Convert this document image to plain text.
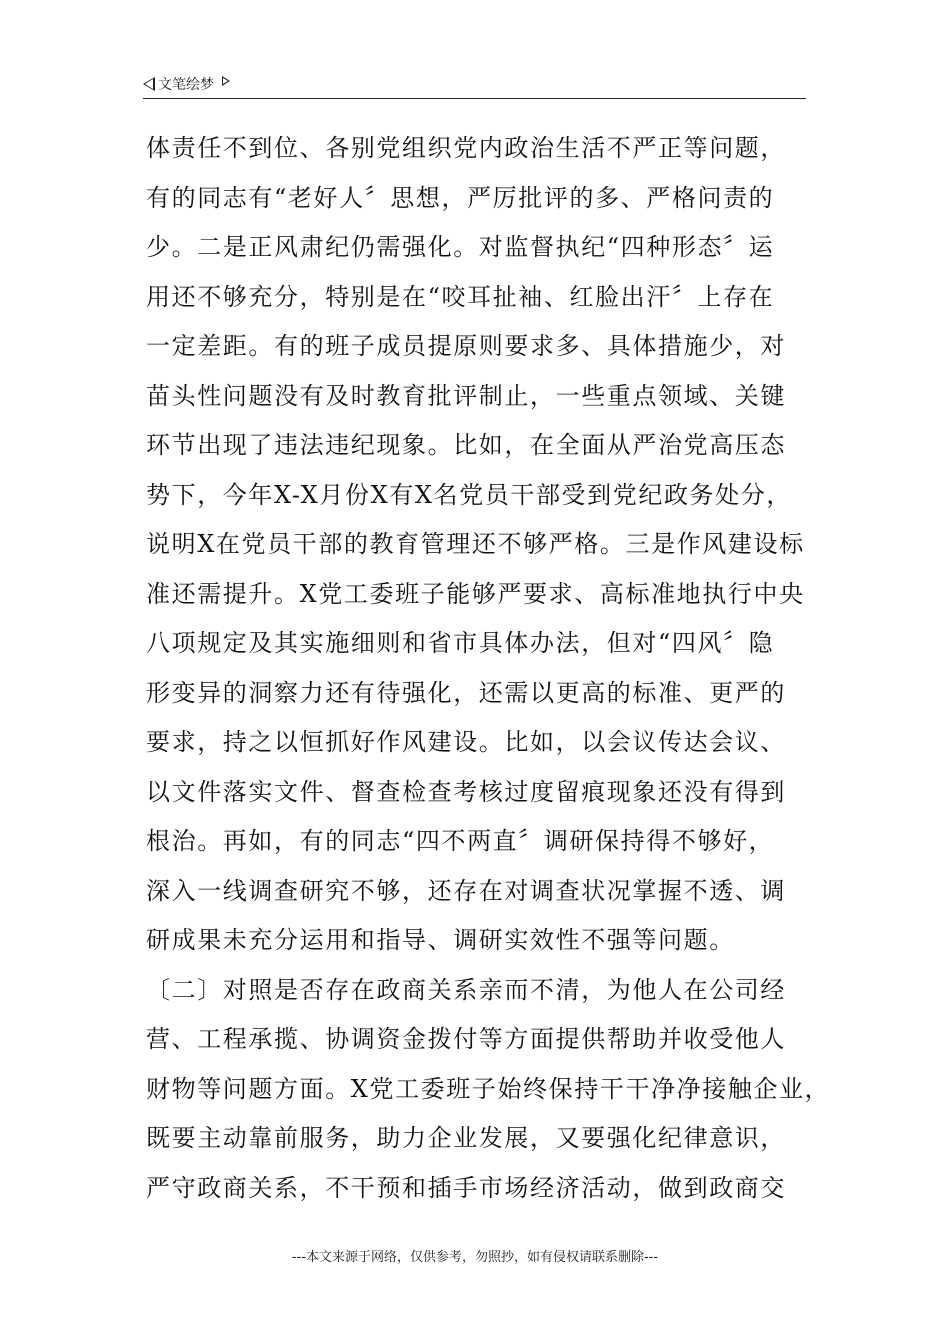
文笔绘梦
体责任不到位、各别党组织党内政治生活不严正等问题，
有的同志有“老好人〞思想，严厉批评的多、严格问责的
少。二是正风肃纪仍需强化。对监督执纪“四种形态〞运
用还不够充分，特别是在“咬耳扯袖、红脸出汗〞上存在
一定差距。有的班子成员提原则要求多、具体措施少，对
苗头性问题没有及时教育批评制止，一些重点领域、关键
环节出现了违法违纪现象。比如，在全面从严治党高压态
势下，今年X-X月份X有X名党员干部受到党纪政务处分，
说明X在党员干部的教育管理还不够严格。三是作风建设标
准还需提升。X党工委班子能够严要求、高标准地执行中央
八项规定及其实施细则和省市具体办法，但对“四风〞隐
形变异的洞察力还有待强化，还需以更高的标准、更严的
要求，持之以恒抓好作风建设。比如，以会议传达会议、
以文件落实文件、督查检查考核过度留痕现象还没有得到
根治。再如，有的同志“四不两直〞调研保持得不够好，
深入一线调查研究不够，还存在对调查状况掌握不透、调
研成果未充分运用和指导、调研实效性不强等问题。
〔二〕对照是否存在政商关系亲而不清，为他人在公司经
营、工程承揽、协调资金拨付等方面提供帮助并收受他人
财物等问题方面。X党工委班子始终保持干干净净接触企业，
既要主动靠前服务，助力企业发展，又要强化纪律意识，
严守政商关系，不干预和插手市场经济活动，做到政商交
---本文来源于网络，仅供参考，勿照抄，如有侵权请联系删除---
